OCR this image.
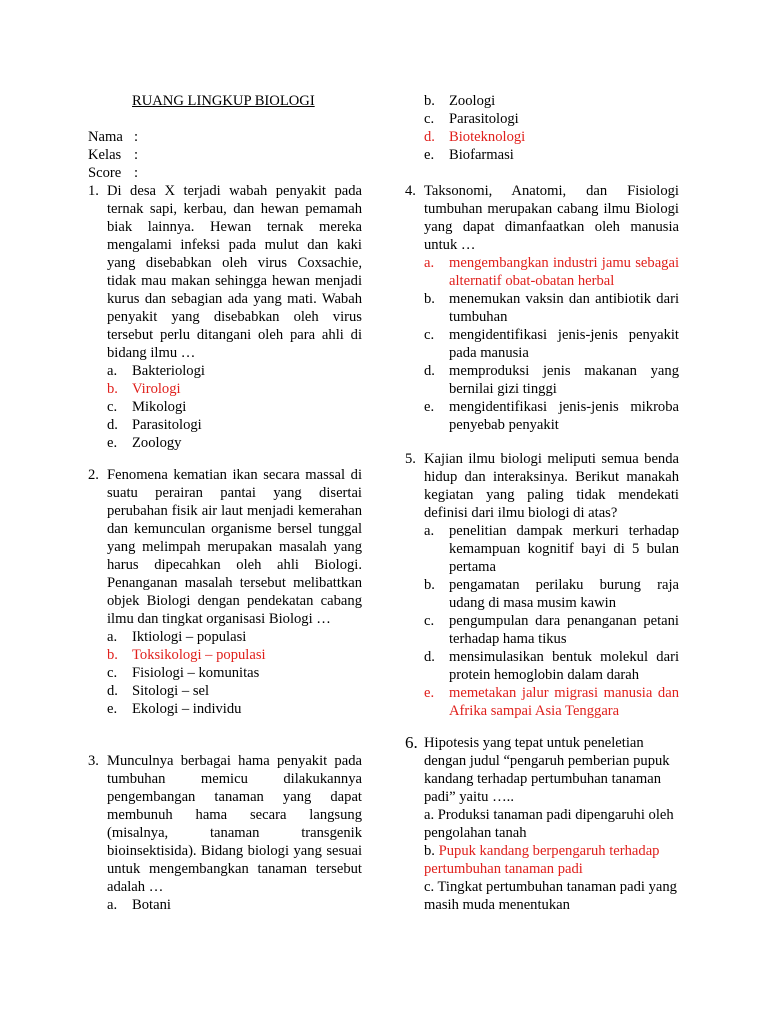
RUANG LINGKUP BIOLOGI
Nama :
Kelas :
Score :
1. Di desa X terjadi wabah penyakit pada ternak sapi, kerbau, dan hewan pemamah biak lainnya. Hewan ternak mereka mengalami infeksi pada mulut dan kaki yang disebabkan oleh virus Coxsachie, tidak mau makan sehingga hewan menjadi kurus dan sebagian ada yang mati. Wabah penyakit yang disebabkan oleh virus tersebut perlu ditangani oleh para ahli di bidang ilmu …
a.	Bakteriologi
b. Virologi
c.	Mikologi
d. Parasitologi
e.	Zoology
2. Fenomena kematian ikan secara massal di suatu perairan pantai yang disertai perubahan fisik air laut menjadi kemerahan dan kemunculan organisme bersel tunggal yang melimpah merupakan masalah yang harus dipecahkan oleh ahli Biologi. Penanganan masalah tersebut melibattkan objek Biologi dengan pendekatan cabang ilmu dan tingkat organisasi Biologi …
a.	Iktiologi – populasi
b. Toksikologi – populasi
c.	Fisiologi – komunitas
d. Sitologi – sel
e.	Ekologi – individu
3. Munculnya berbagai hama penyakit pada tumbuhan memicu dilakukannya pengembangan tanaman yang dapat membunuh hama secara langsung (misalnya, tanaman transgenik bioinsektisida). Bidang biologi yang sesuai untuk mengembangkan tanaman tersebut adalah …
a.	Botani
b. Zoologi
c.	Parasitologi
d. Bioteknologi
e.	Biofarmasi
4. Taksonomi, Anatomi, dan Fisiologi tumbuhan merupakan cabang ilmu Biologi yang dapat dimanfaatkan oleh manusia untuk …
a.	mengembangkan industri jamu sebagai alternatif obat-obatan herbal
b. menemukan vaksin dan antibiotik dari tumbuhan
c.	mengidentifikasi jenis-jenis penyakit pada manusia
d. memproduksi jenis makanan yang bernilai gizi tinggi
e.	mengidentifikasi jenis-jenis mikroba penyebab penyakit
5. Kajian ilmu biologi meliputi semua benda hidup dan interaksinya. Berikut manakah kegiatan yang paling tidak mendekati definisi dari ilmu biologi di atas?
a.	penelitian dampak merkuri terhadap kemampuan kognitif bayi di 5 bulan pertama
b. pengamatan perilaku burung raja udang di masa musim kawin
c.	pengumpulan dara penanganan petani terhadap hama tikus
d. mensimulasikan bentuk molekul dari protein hemoglobin dalam darah
e.	memetakan jalur migrasi manusia dan Afrika sampai Asia Tenggara
6. Hipotesis yang tepat untuk peneletian dengan judul “pengaruh pemberian pupuk kandang terhadap pertumbuhan tanaman padi” yaitu …..
a. Produksi tanaman padi dipengaruhi oleh pengolahan tanah
b. Pupuk kandang berpengaruh terhadap pertumbuhan tanaman padi
c. Tingkat pertumbuhan tanaman padi yang masih muda menentukan
